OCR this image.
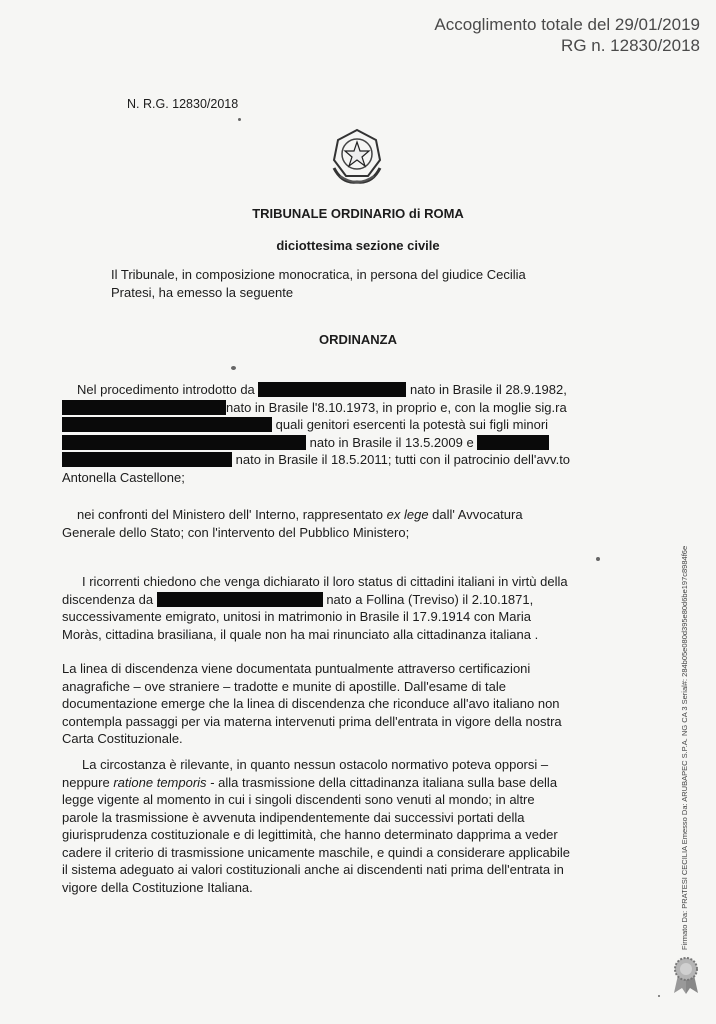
Accoglimento totale del 29/01/2019
RG n. 12830/2018
N. R.G. 12830/2018
TRIBUNALE ORDINARIO di ROMA
diciottesima sezione civile
Il Tribunale, in composizione monocratica, in persona del giudice Cecilia
Pratesi, ha emesso la seguente
ORDINANZA
Nel procedimento introdotto da	nato in Brasile il 28.9.1982,
nato in Brasile l'8.10.1973, in proprio e, con la moglie sig.ra
quali genitori esercenti la potestà sui figli minori
nato in Brasile il 13.5.2009 e
nato in Brasile il 18.5.2011; tutti con il patrocinio dell'avv.to
Antonella Castellone;
nei confronti del Ministero dell' Interno, rappresentato ex lege dall' Avvocatura
Generale dello Stato; con l'intervento del Pubblico Ministero;
I ricorrenti chiedono che venga dichiarato il loro status di cittadini italiani in virtù della
discendenza da	nato a Follina (Treviso) il 2.10.1871,
successivamente emigrato, unitosi in matrimonio in Brasile il 17.9.1914 con Maria
Moràs, cittadina brasiliana, il quale non ha mai rinunciato alla cittadinanza italiana .
La linea di discendenza viene documentata puntualmente attraverso certificazioni
anagrafiche – ove straniere – tradotte e munite di apostille. Dall'esame di tale
documentazione emerge che la linea di discendenza che riconduce all'avo italiano non
contempla passaggi per via materna intervenuti prima dell'entrata in vigore della nostra
Carta Costituzionale.
La circostanza è rilevante, in quanto nessun ostacolo normativo poteva opporsi –
neppure ratione temporis - alla trasmissione della cittadinanza italiana sulla base della
legge vigente al momento in cui i singoli discendenti sono venuti al mondo; in altre
parole la trasmissione è avvenuta indipendentemente dai successivi portati della
giurisprudenza costituzionale e di legittimità, che hanno determinato dapprima a veder
cadere il criterio di trasmissione unicamente maschile, e quindi a considerare applicabile
il sistema adeguato ai valori costituzionali anche ai discendenti nati prima dell'entrata in
vigore della Costituzione Italiana.	Firmato Da: PRATESI CECILIA Emesso Da: ARUBAPEC S.P.A. NG CA 3 Serial#: 284b05e080d395e80d6be197c8984f6e
